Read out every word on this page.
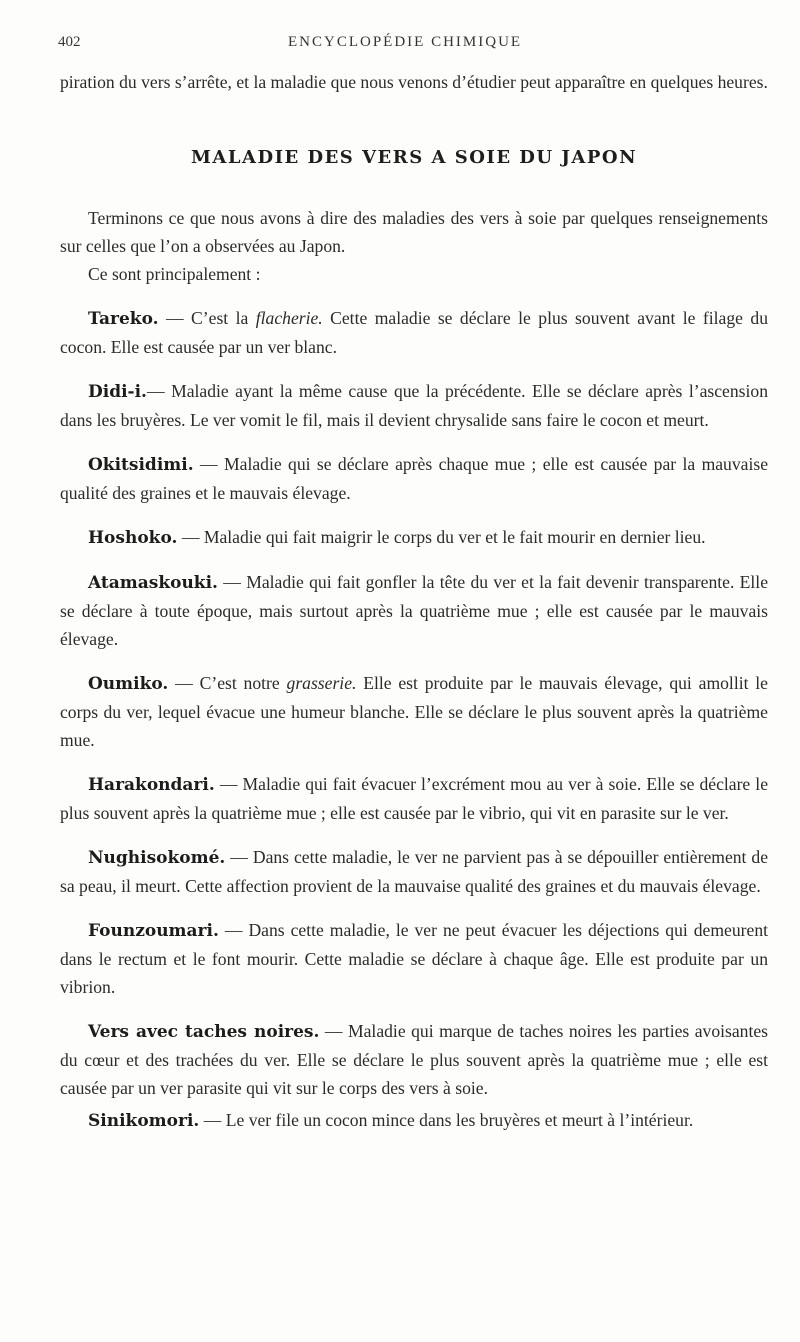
402	ENCYCLOPÉDIE CHIMIQUE

piration du vers s’arrête, et la maladie que nous venons d’étudier peut apparaître en quelques heures.

MALADIE DES VERS A SOIE DU JAPON

Terminons ce que nous avons à dire des maladies des vers à soie par quelques renseignements sur celles que l’on a observées au Japon.

Ce sont principalement :

Tareko. — C’est la flacherie. Cette maladie se déclare le plus souvent avant le filage du cocon. Elle est causée par un ver blanc.

Didi-i.— Maladie ayant la même cause que la précédente. Elle se déclare après l’ascension dans les bruyères. Le ver vomit le fil, mais il devient chrysalide sans faire le cocon et meurt.

Okitsidimi. — Maladie qui se déclare après chaque mue ; elle est causée par la mauvaise qualité des graines et le mauvais élevage.

Hoshoko. — Maladie qui fait maigrir le corps du ver et le fait mourir en dernier lieu.

Atamaskouki. — Maladie qui fait gonfler la tête du ver et la fait devenir transparente. Elle se déclare à toute époque, mais surtout après la quatrième mue ; elle est causée par le mauvais élevage.

Oumiko. — C’est notre grasserie. Elle est produite par le mauvais élevage, qui amollit le corps du ver, lequel évacue une humeur blanche. Elle se déclare le plus souvent après la quatrième mue.

Harakondari. — Maladie qui fait évacuer l’excrément mou au ver à soie. Elle se déclare le plus souvent après la quatrième mue ; elle est causée par le vibrio, qui vit en parasite sur le ver.

Nughisokomé. — Dans cette maladie, le ver ne parvient pas à se dépouiller entièrement de sa peau, il meurt. Cette affection provient de la mauvaise qualité des graines et du mauvais élevage.

Founzoumari. — Dans cette maladie, le ver ne peut évacuer les déjections qui demeurent dans le rectum et le font mourir. Cette maladie se déclare à chaque âge. Elle est produite par un vibrion.

Vers avec taches noires. — Maladie qui marque de taches noires les parties avoisantes du cœur et des trachées du ver. Elle se déclare le plus souvent après la quatrième mue ; elle est causée par un ver parasite qui vit sur le corps des vers à soie.

Sinikomori. — Le ver file un cocon mince dans les bruyères et meurt à l’intérieur.
